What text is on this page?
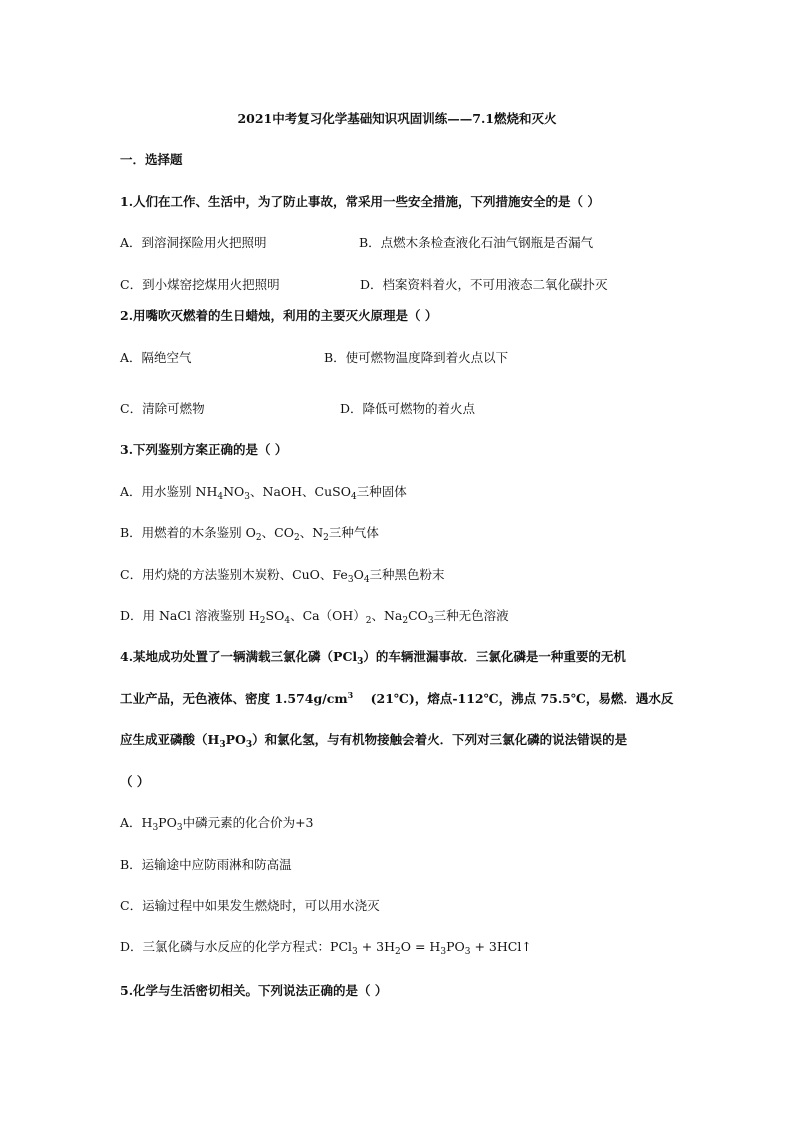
2021中考复习化学基础知识巩固训练——7.1燃烧和灭火
一．选择题
1.人们在工作、生活中，为了防止事故，常采用一些安全措施，下列措施安全的是（ ）
A．到溶洞探险用火把照明	B．点燃木条检查液化石油气钢瓶是否漏气
C．到小煤窑挖煤用火把照明	D．档案资料着火，不可用液态二氧化碳扑灭
2.用嘴吹灭燃着的生日蜡烛，利用的主要灭火原理是（ ）
A．隔绝空气	B．使可燃物温度降到着火点以下
C．清除可燃物	D．降低可燃物的着火点
3.下列鉴别方案正确的是（ ）
A．用水鉴别 $NH_4NO_3$、NaOH、CuSO$_4$三种固体
B．用燃着的木条鉴别 $O_2$、$CO_2$、$N_2$三种气体
C．用灼烧的方法鉴别木炭粉、CuO、$Fe_3O_4$三种黑色粉末
D．用 NaCl 溶液鉴别 $H_2SO_4$、$Ca(OH)_2$、$Na_2CO_3$三种无色溶液
4.某地成功处置了一辆满载三氯化磷（PCl$_3$）的车辆泄漏事故．三氯化磷是一种重要的无机
工业产品，无色液体、密度 $1.574g/cm^3$    (21℃)，熔点-112℃，沸点 75.5℃，易燃．遇水反
应生成亚磷酸$(H_3PO_3)$和氯化氢，与有机物接触会着火．下列对三氯化磷的说法错误的是
（ ）
A．$H_3PO_3$中磷元素的化合价为+3
B．运输途中应防雨淋和防高温
C．运输过程中如果发生燃烧时，可以用水浇灭
D．三氯化磷与水反应的化学方程式：$PCl_3 + 3H_2O = H_3PO_3$ + 3HCl↑
5.化学与生活密切相关。下列说法正确的是（ ）
